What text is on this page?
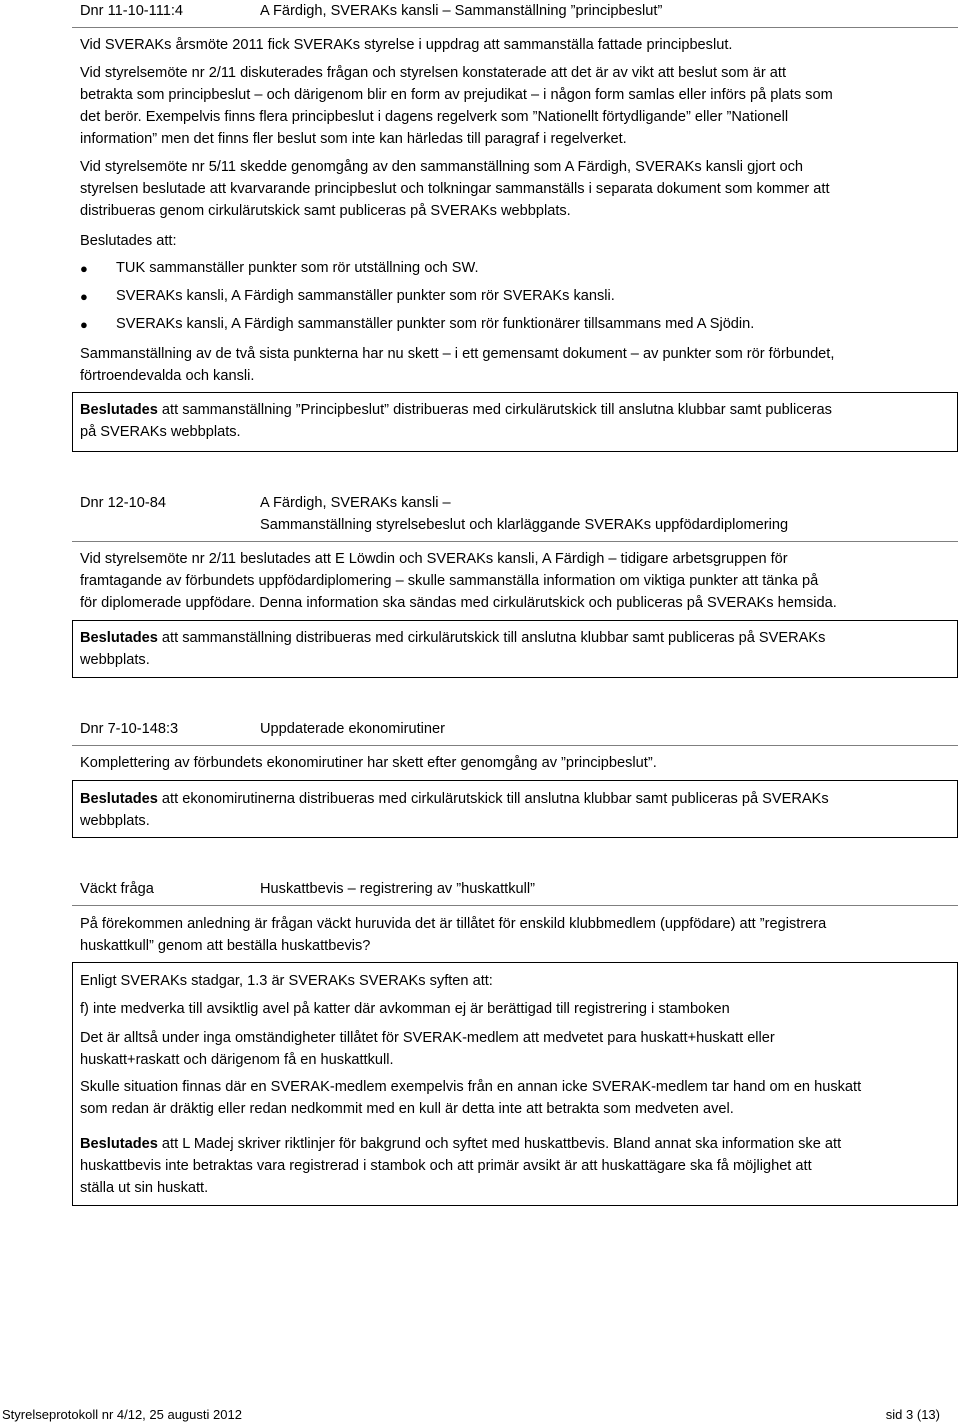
Dnr 11-10-111:4	A Färdigh, SVERAKs kansli – Sammanställning ”principbeslut”
Vid SVERAKs årsmöte 2011 fick SVERAKs styrelse i uppdrag att sammanställa fattade principbeslut.
Vid styrelsemöte nr 2/11 diskuterades frågan och styrelsen konstaterade att det är av vikt att beslut som är att
betrakta som principbeslut – och därigenom blir en form av prejudikat – i någon form samlas eller införs på plats som
det berör. Exempelvis finns flera principbeslut i dagens regelverk som ”Nationellt förtydligande” eller ”Nationell
information” men det finns fler beslut som inte kan härledas till paragraf i regelverket.
Vid styrelsemöte nr 5/11 skedde genomgång av den sammanställning som A Färdigh, SVERAKs kansli gjort och
styrelsen beslutade att kvarvarande principbeslut och tolkningar sammanställs i separata dokument som kommer att
distribueras genom cirkulärutskick samt publiceras på SVERAKs webbplats.
Beslutades att:
● TUK sammanställer punkter som rör utställning och SW.
● SVERAKs kansli, A Färdigh sammanställer punkter som rör SVERAKs kansli.
● SVERAKs kansli, A Färdigh sammanställer punkter som rör funktionärer tillsammans med A Sjödin.
Sammanställning av de två sista punkterna har nu skett – i ett gemensamt dokument – av punkter som rör förbundet,
förtroendevalda och kansli.
Beslutades att sammanställning ”Principbeslut” distribueras med cirkulärutskick till anslutna klubbar samt publiceras
på SVERAKs webbplats.
Dnr 12-10-84	A Färdigh, SVERAKs kansli –
Sammanställning styrelsebeslut och klarläggande SVERAKs uppfödardiplomering
Vid styrelsemöte nr 2/11 beslutades att E Löwdin och SVERAKs kansli, A Färdigh – tidigare arbetsgruppen för
framtagande av förbundets uppfödardiplomering – skulle sammanställa information om viktiga punkter att tänka på
för diplomerade uppfödare. Denna information ska sändas med cirkulärutskick och publiceras på SVERAKs hemsida.
Beslutades att sammanställning distribueras med cirkulärutskick till anslutna klubbar samt publiceras på SVERAKs
webbplats.
Dnr 7-10-148:3	Uppdaterade ekonomirutiner
Komplettering av förbundets ekonomirutiner har skett efter genomgång av ”principbeslut”.
Beslutades att ekonomirutinerna distribueras med cirkulärutskick till anslutna klubbar samt publiceras på SVERAKs
webbplats.
Väckt fråga	Huskattbevis – registrering av ”huskattkull”
På förekommen anledning är frågan väckt huruvida det är tillåtet för enskild klubbmedlem (uppfödare) att ”registrera
huskattkull” genom att beställa huskattbevis?
Enligt SVERAKs stadgar, 1.3 är SVERAKs SVERAKs syften att:
f) inte medverka till avsiktlig avel på katter där avkomman ej är berättigad till registrering i stamboken
Det är alltså under inga omständigheter tillåtet för SVERAK-medlem att medvetet para huskatt+huskatt eller
huskatt+raskatt och därigenom få en huskattkull.
Skulle situation finnas där en SVERAK-medlem exempelvis från en annan icke SVERAK-medlem tar hand om en huskatt
som redan är dräktig eller redan nedkommit med en kull är detta inte att betrakta som medveten avel.
Beslutades att L Madej skriver riktlinjer för bakgrund och syftet med huskattbevis. Bland annat ska information ske att
huskattbevis inte betraktas vara registrerad i stambok och att primär avsikt är att huskattägare ska få möjlighet att
ställa ut sin huskatt.
Styrelseprotokoll nr 4/12, 25 augusti 2012	sid 3 (13)
